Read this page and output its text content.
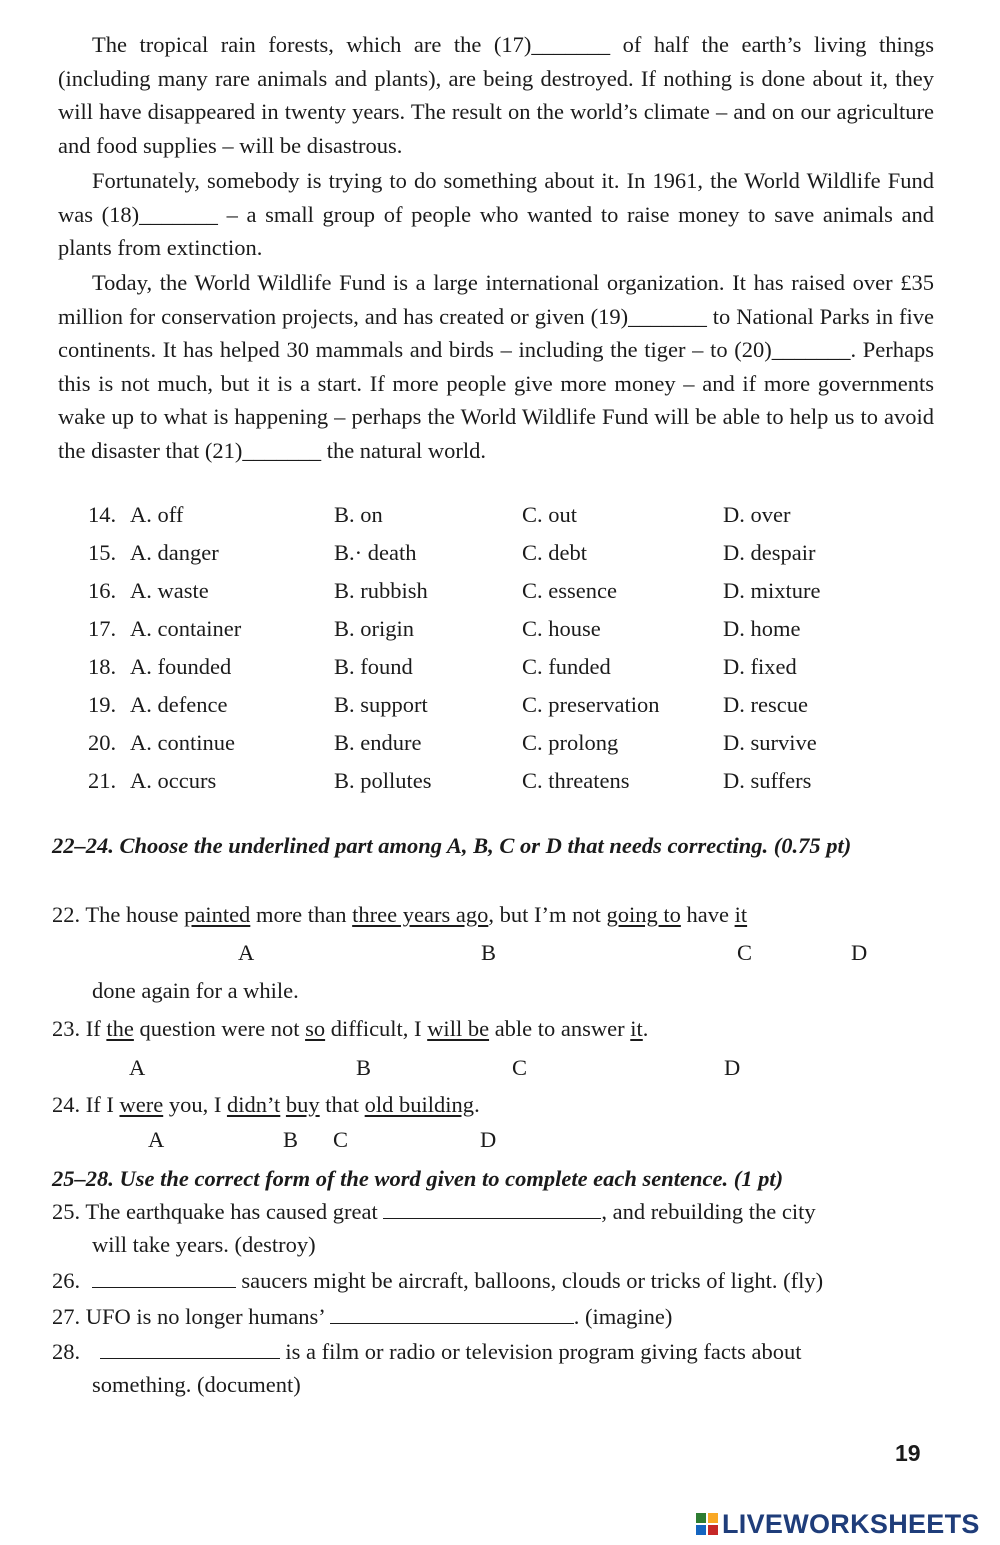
The tropical rain forests, which are the (17)_______ of half the earth’s living things (including many rare animals and plants), are being destroyed. If nothing is done about it, they will have disappeared in twenty years. The result on the world’s climate – and on our agriculture and food supplies – will be disastrous.

Fortunately, somebody is trying to do something about it. In 1961, the World Wildlife Fund was (18)_______ – a small group of people who wanted to raise money to save animals and plants from extinction.

Today, the World Wildlife Fund is a large international organization. It has raised over £35 million for conservation projects, and has created or given (19)_______ to National Parks in five continents. It has helped 30 mammals and birds – including the tiger – to (20)_______. Perhaps this is not much, but it is a start. If more people give more money – and if more governments wake up to what is happening – perhaps the World Wildlife Fund will be able to help us to avoid the disaster that (21)_______ the natural world.

14. A. off	B. on	C. out	D. over
15. A. danger	B.· death	C. debt	D. despair
16. A. waste	B. rubbish	C. essence	D. mixture
17. A. container	B. origin	C. house	D. home
18. A. founded	B. found	C. funded	D. fixed
19. A. defence	B. support	C. preservation	D. rescue
20. A. continue	B. endure	C. prolong	D. survive
21. A. occurs	B. pollutes	C. threatens	D. suffers

22–24. Choose the underlined part among A, B, C or D that needs correcting. (0.75 pt)

22. The house painted more than three years ago, but I’m not going to have it
A	B	C	D
done again for a while.
23. If the question were not so difficult, I will be able to answer it.
A	B	C	D
24. If I were you, I didn’t buy that old building.
A	B C	D

25–28. Use the correct form of the word given to complete each sentence. (1 pt)

25. The earthquake has caused great	, and rebuilding the city
will take years. (destroy)
26.	saucers might be aircraft, balloons, clouds or tricks of light. (fly)
27. UFO is no longer humans’	. (imagine)
28.	is a film or radio or television program giving facts about
something. (document)
19
LIVEWORKSHEETS
